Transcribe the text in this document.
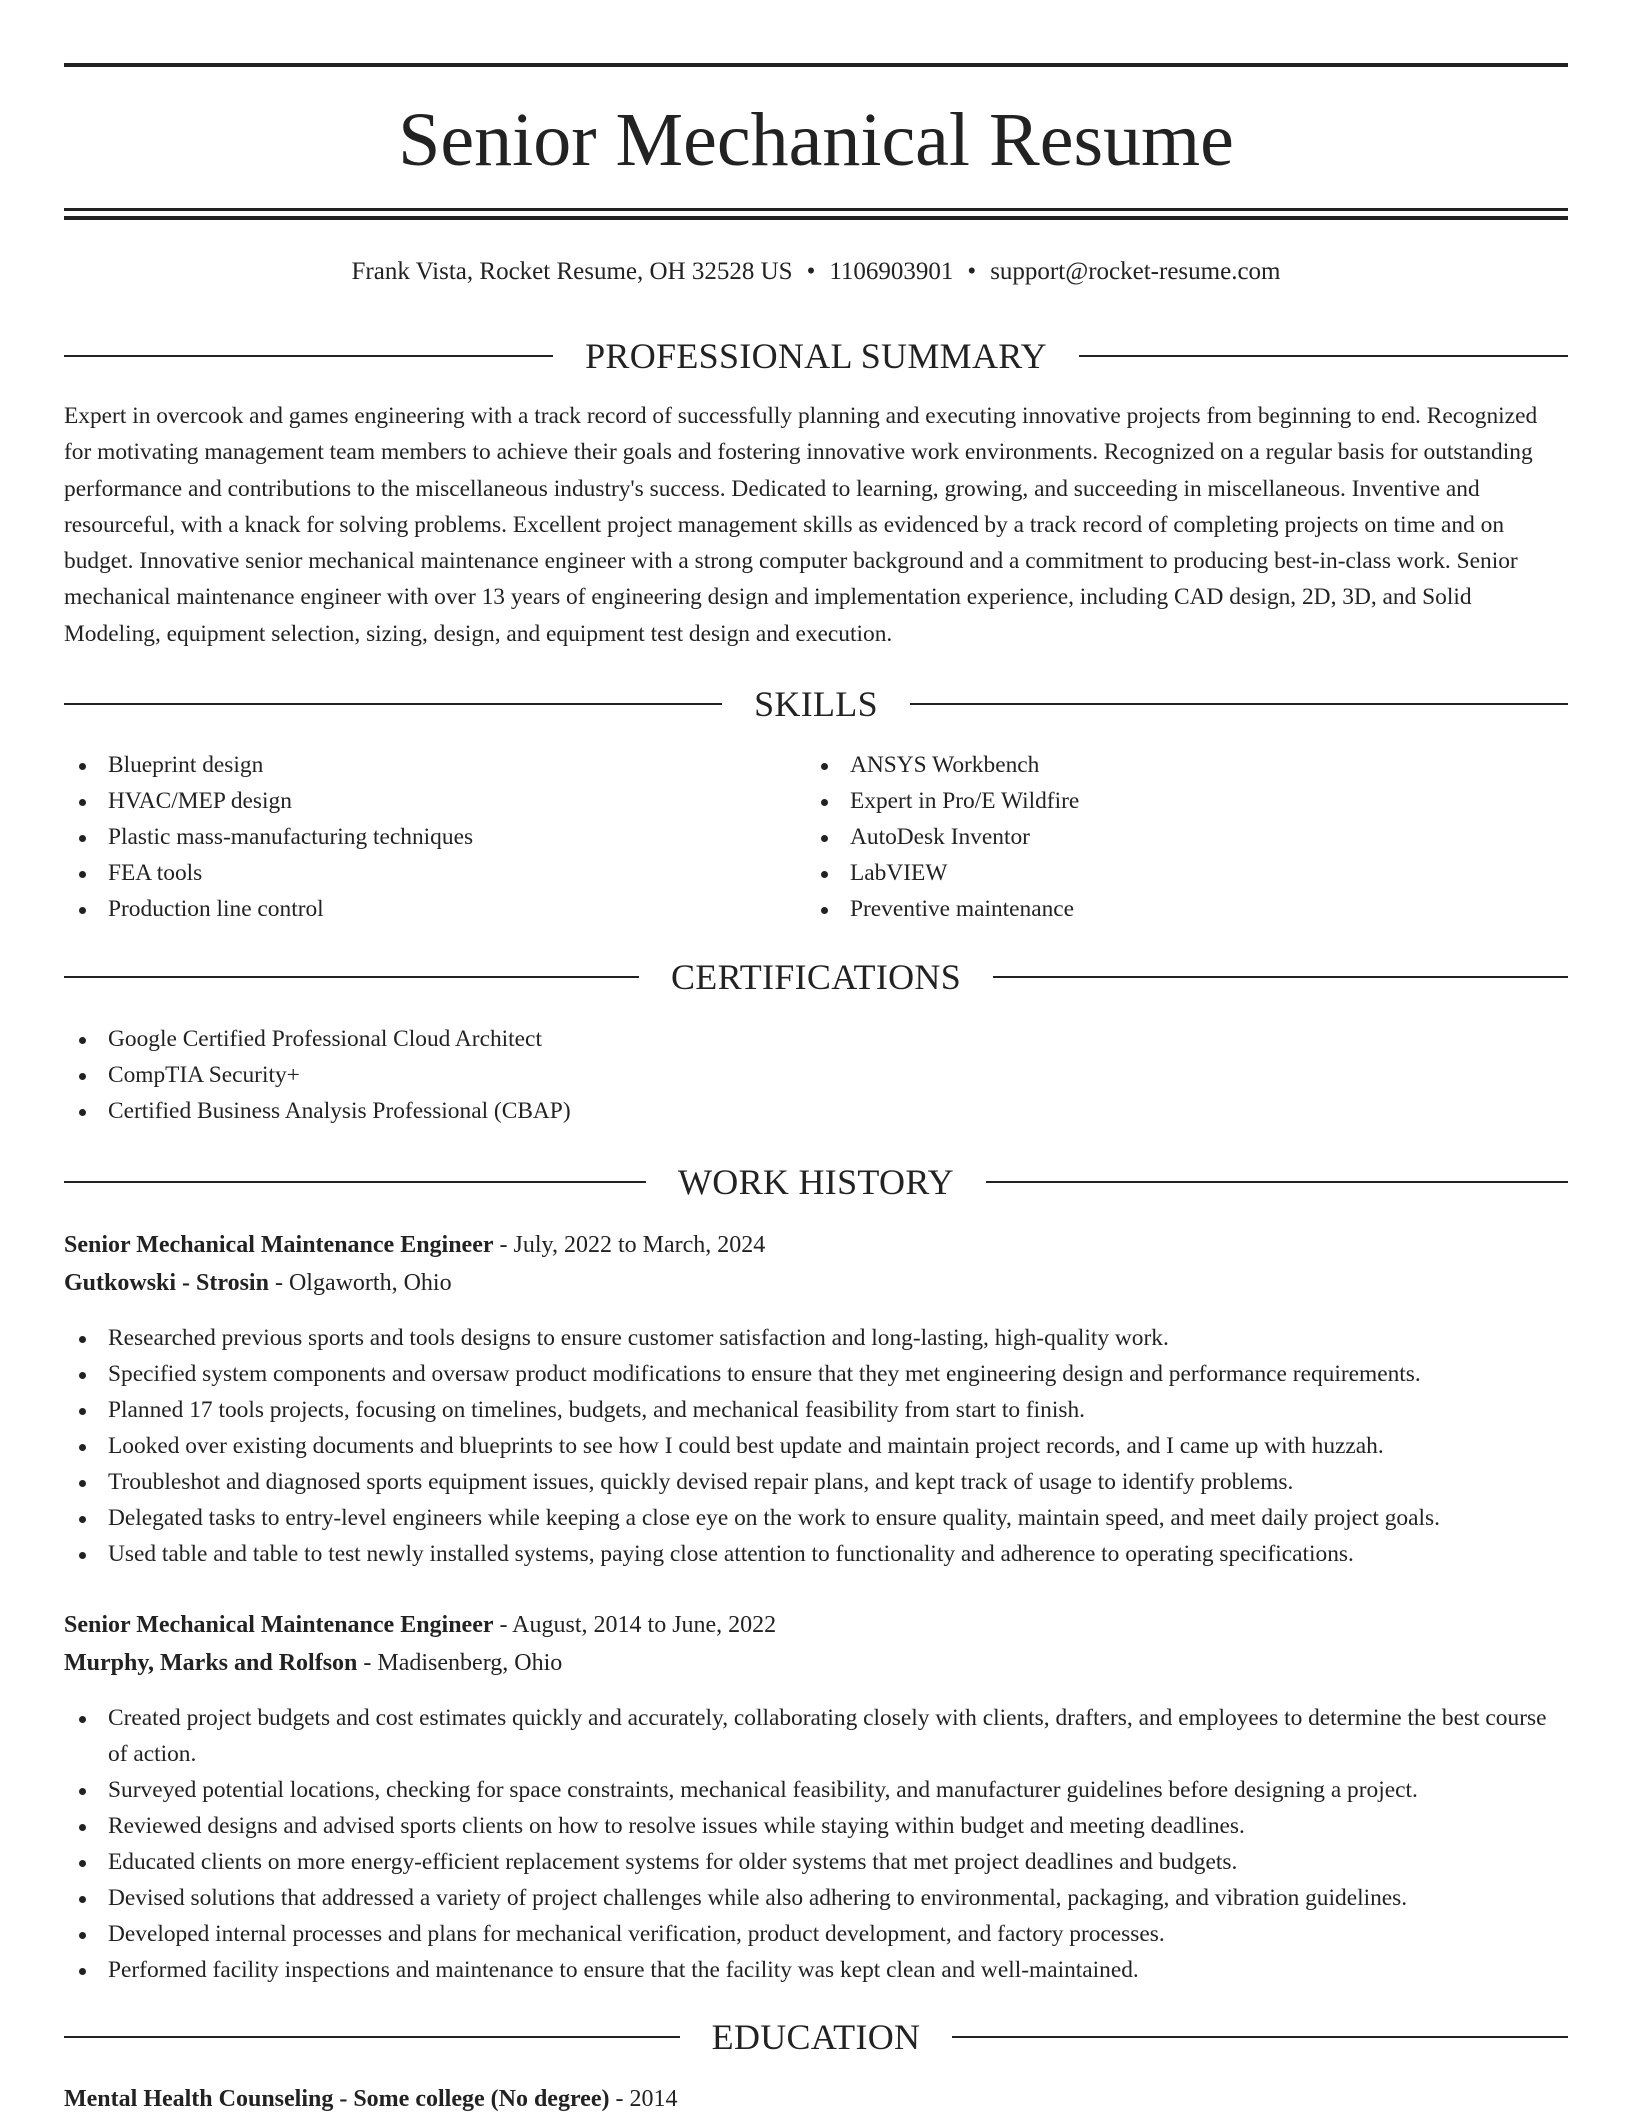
Senior Mechanical Resume
Frank Vista, Rocket Resume, OH 32528 US • 1106903901 • support@rocket-resume.com
PROFESSIONAL SUMMARY
Expert in overcook and games engineering with a track record of successfully planning and executing innovative projects from beginning to end. Recognized for motivating management team members to achieve their goals and fostering innovative work environments. Recognized on a regular basis for outstanding performance and contributions to the miscellaneous industry's success. Dedicated to learning, growing, and succeeding in miscellaneous. Inventive and resourceful, with a knack for solving problems. Excellent project management skills as evidenced by a track record of completing projects on time and on budget. Innovative senior mechanical maintenance engineer with a strong computer background and a commitment to producing best-in-class work. Senior mechanical maintenance engineer with over 13 years of engineering design and implementation experience, including CAD design, 2D, 3D, and Solid Modeling, equipment selection, sizing, design, and equipment test design and execution.
SKILLS
Blueprint design
HVAC/MEP design
Plastic mass-manufacturing techniques
FEA tools
Production line control
ANSYS Workbench
Expert in Pro/E Wildfire
AutoDesk Inventor
LabVIEW
Preventive maintenance
CERTIFICATIONS
Google Certified Professional Cloud Architect
CompTIA Security+
Certified Business Analysis Professional (CBAP)
WORK HISTORY
Senior Mechanical Maintenance Engineer - July, 2022 to March, 2024
Gutkowski - Strosin - Olgaworth, Ohio
Researched previous sports and tools designs to ensure customer satisfaction and long-lasting, high-quality work.
Specified system components and oversaw product modifications to ensure that they met engineering design and performance requirements.
Planned 17 tools projects, focusing on timelines, budgets, and mechanical feasibility from start to finish.
Looked over existing documents and blueprints to see how I could best update and maintain project records, and I came up with huzzah.
Troubleshot and diagnosed sports equipment issues, quickly devised repair plans, and kept track of usage to identify problems.
Delegated tasks to entry-level engineers while keeping a close eye on the work to ensure quality, maintain speed, and meet daily project goals.
Used table and table to test newly installed systems, paying close attention to functionality and adherence to operating specifications.
Senior Mechanical Maintenance Engineer - August, 2014 to June, 2022
Murphy, Marks and Rolfson - Madisenberg, Ohio
Created project budgets and cost estimates quickly and accurately, collaborating closely with clients, drafters, and employees to determine the best course of action.
Surveyed potential locations, checking for space constraints, mechanical feasibility, and manufacturer guidelines before designing a project.
Reviewed designs and advised sports clients on how to resolve issues while staying within budget and meeting deadlines.
Educated clients on more energy-efficient replacement systems for older systems that met project deadlines and budgets.
Devised solutions that addressed a variety of project challenges while also adhering to environmental, packaging, and vibration guidelines.
Developed internal processes and plans for mechanical verification, product development, and factory processes.
Performed facility inspections and maintenance to ensure that the facility was kept clean and well-maintained.
EDUCATION
Mental Health Counseling - Some college (No degree) - 2014
